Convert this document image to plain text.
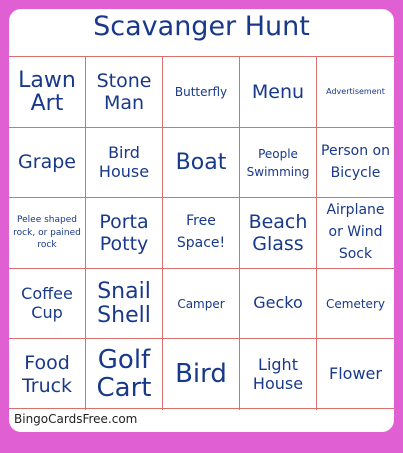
Scavanger Hunt
Lawn Art
Stone Man	Butterfly	Menu	Advertisement
Grape	Bird House	Boat	People Swimming
Person on Bicycle
Pelee shaped rock, or pained rock
Porta Potty
Free Space!
Beach Glass
Airplane or Wind Sock
Coffee Cup
Snail Shell	Camper	Gecko	Cemetery
Food Truck
Golf Cart Bird	Light House	Flower
BingoCardsFree.com
